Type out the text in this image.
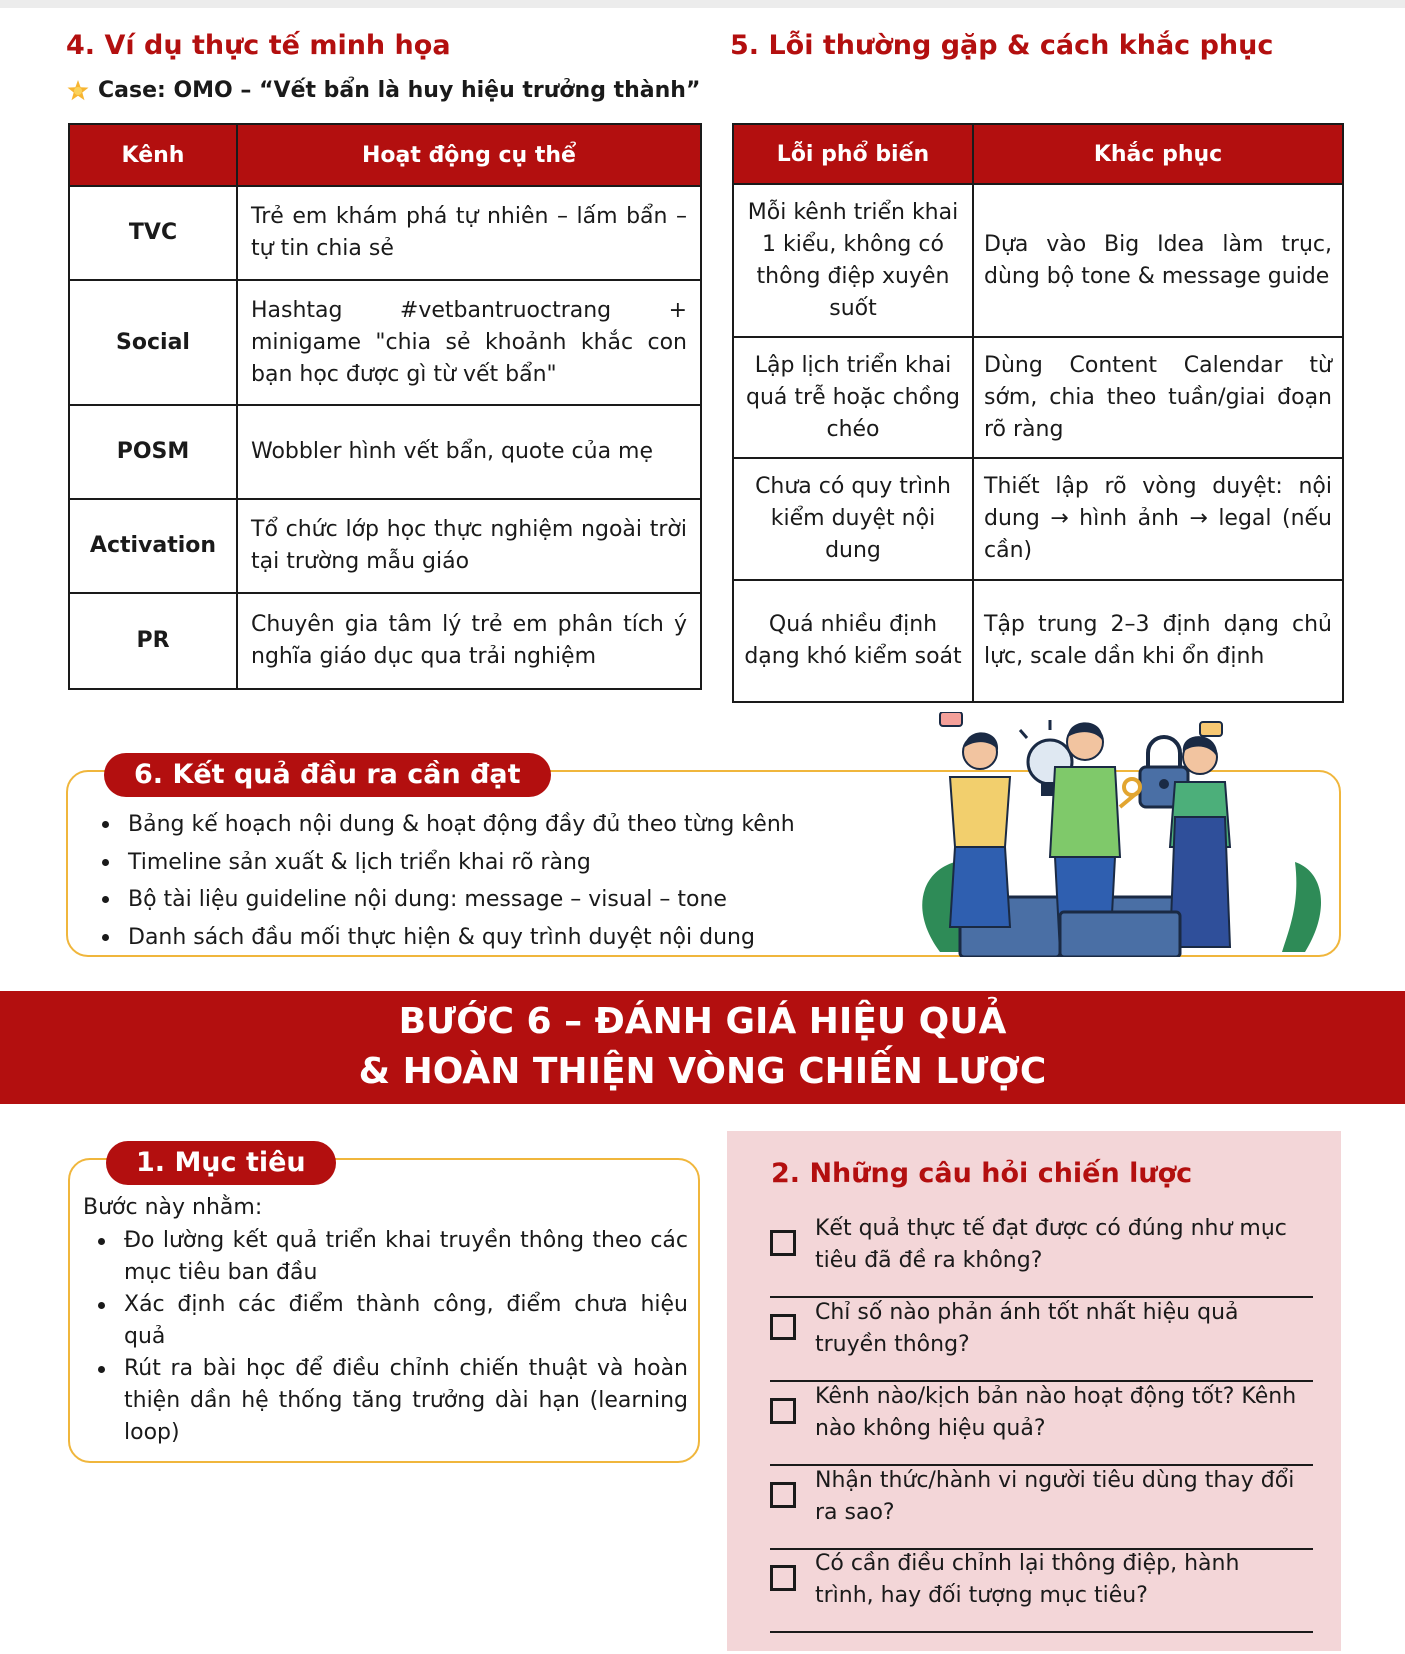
4. Ví dụ thực tế minh họa
Case: OMO – “Vết bẩn là huy hiệu trưởng thành”
Kênh	Hoạt động cụ thể
TVC	Trẻ em khám phá tự nhiên – lấm bẩn – tự tin chia sẻ
Social	Hashtag #vetbantruoctrang + minigame "chia sẻ khoảnh khắc con bạn học được gì từ vết bẩn"
POSM	Wobbler hình vết bẩn, quote của mẹ
Activation	Tổ chức lớp học thực nghiệm ngoài trời tại trường mẫu giáo
PR	Chuyên gia tâm lý trẻ em phân tích ý nghĩa giáo dục qua trải nghiệm
5. Lỗi thường gặp & cách khắc phục
Lỗi phổ biến	Khắc phục
Mỗi kênh triển khai 1 kiểu, không có thông điệp xuyên suốt	Dựa vào Big Idea làm trục, dùng bộ tone & message guide
Lập lịch triển khai quá trễ hoặc chồng chéo	Dùng Content Calendar từ sớm, chia theo tuần/giai đoạn rõ ràng
Chưa có quy trình kiểm duyệt nội dung	Thiết lập rõ vòng duyệt: nội dung → hình ảnh → legal (nếu cần)
Quá nhiều định dạng khó kiểm soát	Tập trung 2–3 định dạng chủ lực, scale dần khi ổn định
6. Kết quả đầu ra cần đạt
Bảng kế hoạch nội dung & hoạt động đầy đủ theo từng kênh
Timeline sản xuất & lịch triển khai rõ ràng
Bộ tài liệu guideline nội dung: message – visual – tone
Danh sách đầu mối thực hiện & quy trình duyệt nội dung
BƯỚC 6 – ĐÁNH GIÁ HIỆU QUẢ
& HOÀN THIỆN VÒNG CHIẾN LƯỢC
1. Mục tiêu
Bước này nhằm:
Đo lường kết quả triển khai truyền thông theo các mục tiêu ban đầu
Xác định các điểm thành công, điểm chưa hiệu quả
Rút ra bài học để điều chỉnh chiến thuật và hoàn thiện dần hệ thống tăng trưởng dài hạn (learning loop)
2. Những câu hỏi chiến lược
Kết quả thực tế đạt được có đúng như mục tiêu đã đề ra không?
Chỉ số nào phản ánh tốt nhất hiệu quả truyền thông?
Kênh nào/kịch bản nào hoạt động tốt? Kênh nào không hiệu quả?
Nhận thức/hành vi người tiêu dùng thay đổi ra sao?
Có cần điều chỉnh lại thông điệp, hành trình, hay đối tượng mục tiêu?
